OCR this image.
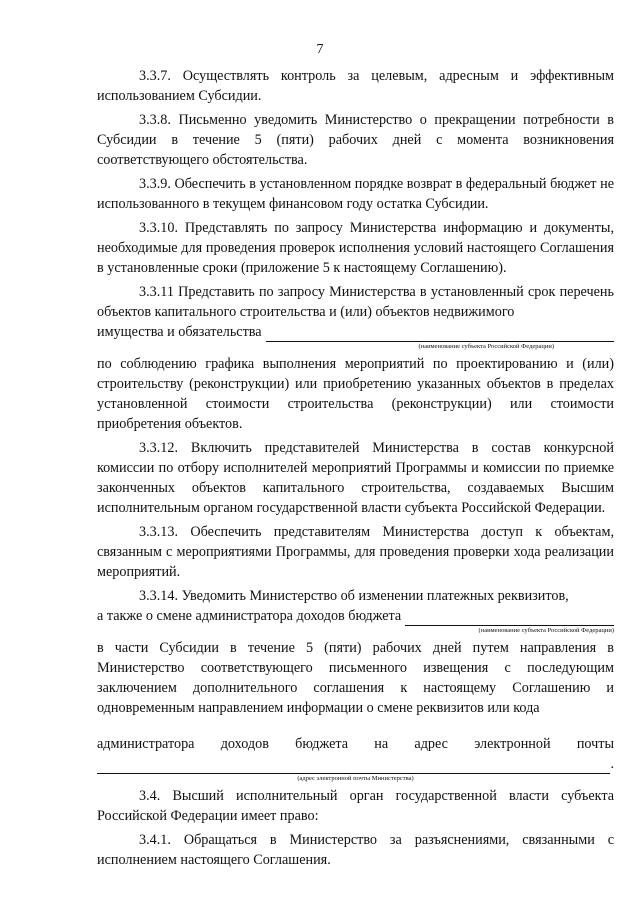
7

3.3.7. Осуществлять контроль за целевым, адресным и эффективным использованием Субсидии.

3.3.8. Письменно уведомить Министерство о прекращении потребности в Субсидии в течение 5 (пяти) рабочих дней с момента возникновения соответствующего обстоятельства.

3.3.9. Обеспечить в установленном порядке возврат в федеральный бюджет не использованного в текущем финансовом году остатка Субсидии.

3.3.10. Представлять по запросу Министерства информацию и документы, необходимые для проведения проверок исполнения условий настоящего Соглашения в установленные сроки (приложение 5 к настоящему Соглашению).

3.3.11 Представить по запросу Министерства в установленный срок перечень объектов капитального строительства и (или) объектов недвижимого

имущества и обязательства
(наименование субъекта Российской Федерации)

по соблюдению графика выполнения мероприятий по проектированию и (или) строительству (реконструкции) или приобретению указанных объектов в пределах установленной стоимости строительства (реконструкции) или стоимости приобретения объектов.

3.3.12. Включить представителей Министерства в состав конкурсной комиссии по отбору исполнителей мероприятий Программы и комиссии по приемке законченных объектов капитального строительства, создаваемых Высшим исполнительным органом государственной власти субъекта Российской Федерации.

3.3.13. Обеспечить представителям Министерства доступ к объектам, связанным с мероприятиями Программы, для проведения проверки хода реализации мероприятий.

3.3.14. Уведомить Министерство об изменении платежных реквизитов,

а также о смене администратора доходов бюджета
(наименование субъекта Российской Федерации)

в части Субсидии в течение 5 (пяти) рабочих дней путем направления в Министерство соответствующего письменного извещения с последующим заключением дополнительного соглашения к настоящему Соглашению и одновременным направлением информации о смене реквизитов или кода

администратора доходов бюджета на адрес электронной почты
.
(адрес электронной почты Министерства)

3.4. Высший исполнительный орган государственной власти субъекта Российской Федерации имеет право:

3.4.1. Обращаться в Министерство за разъяснениями, связанными с исполнением настоящего Соглашения.
